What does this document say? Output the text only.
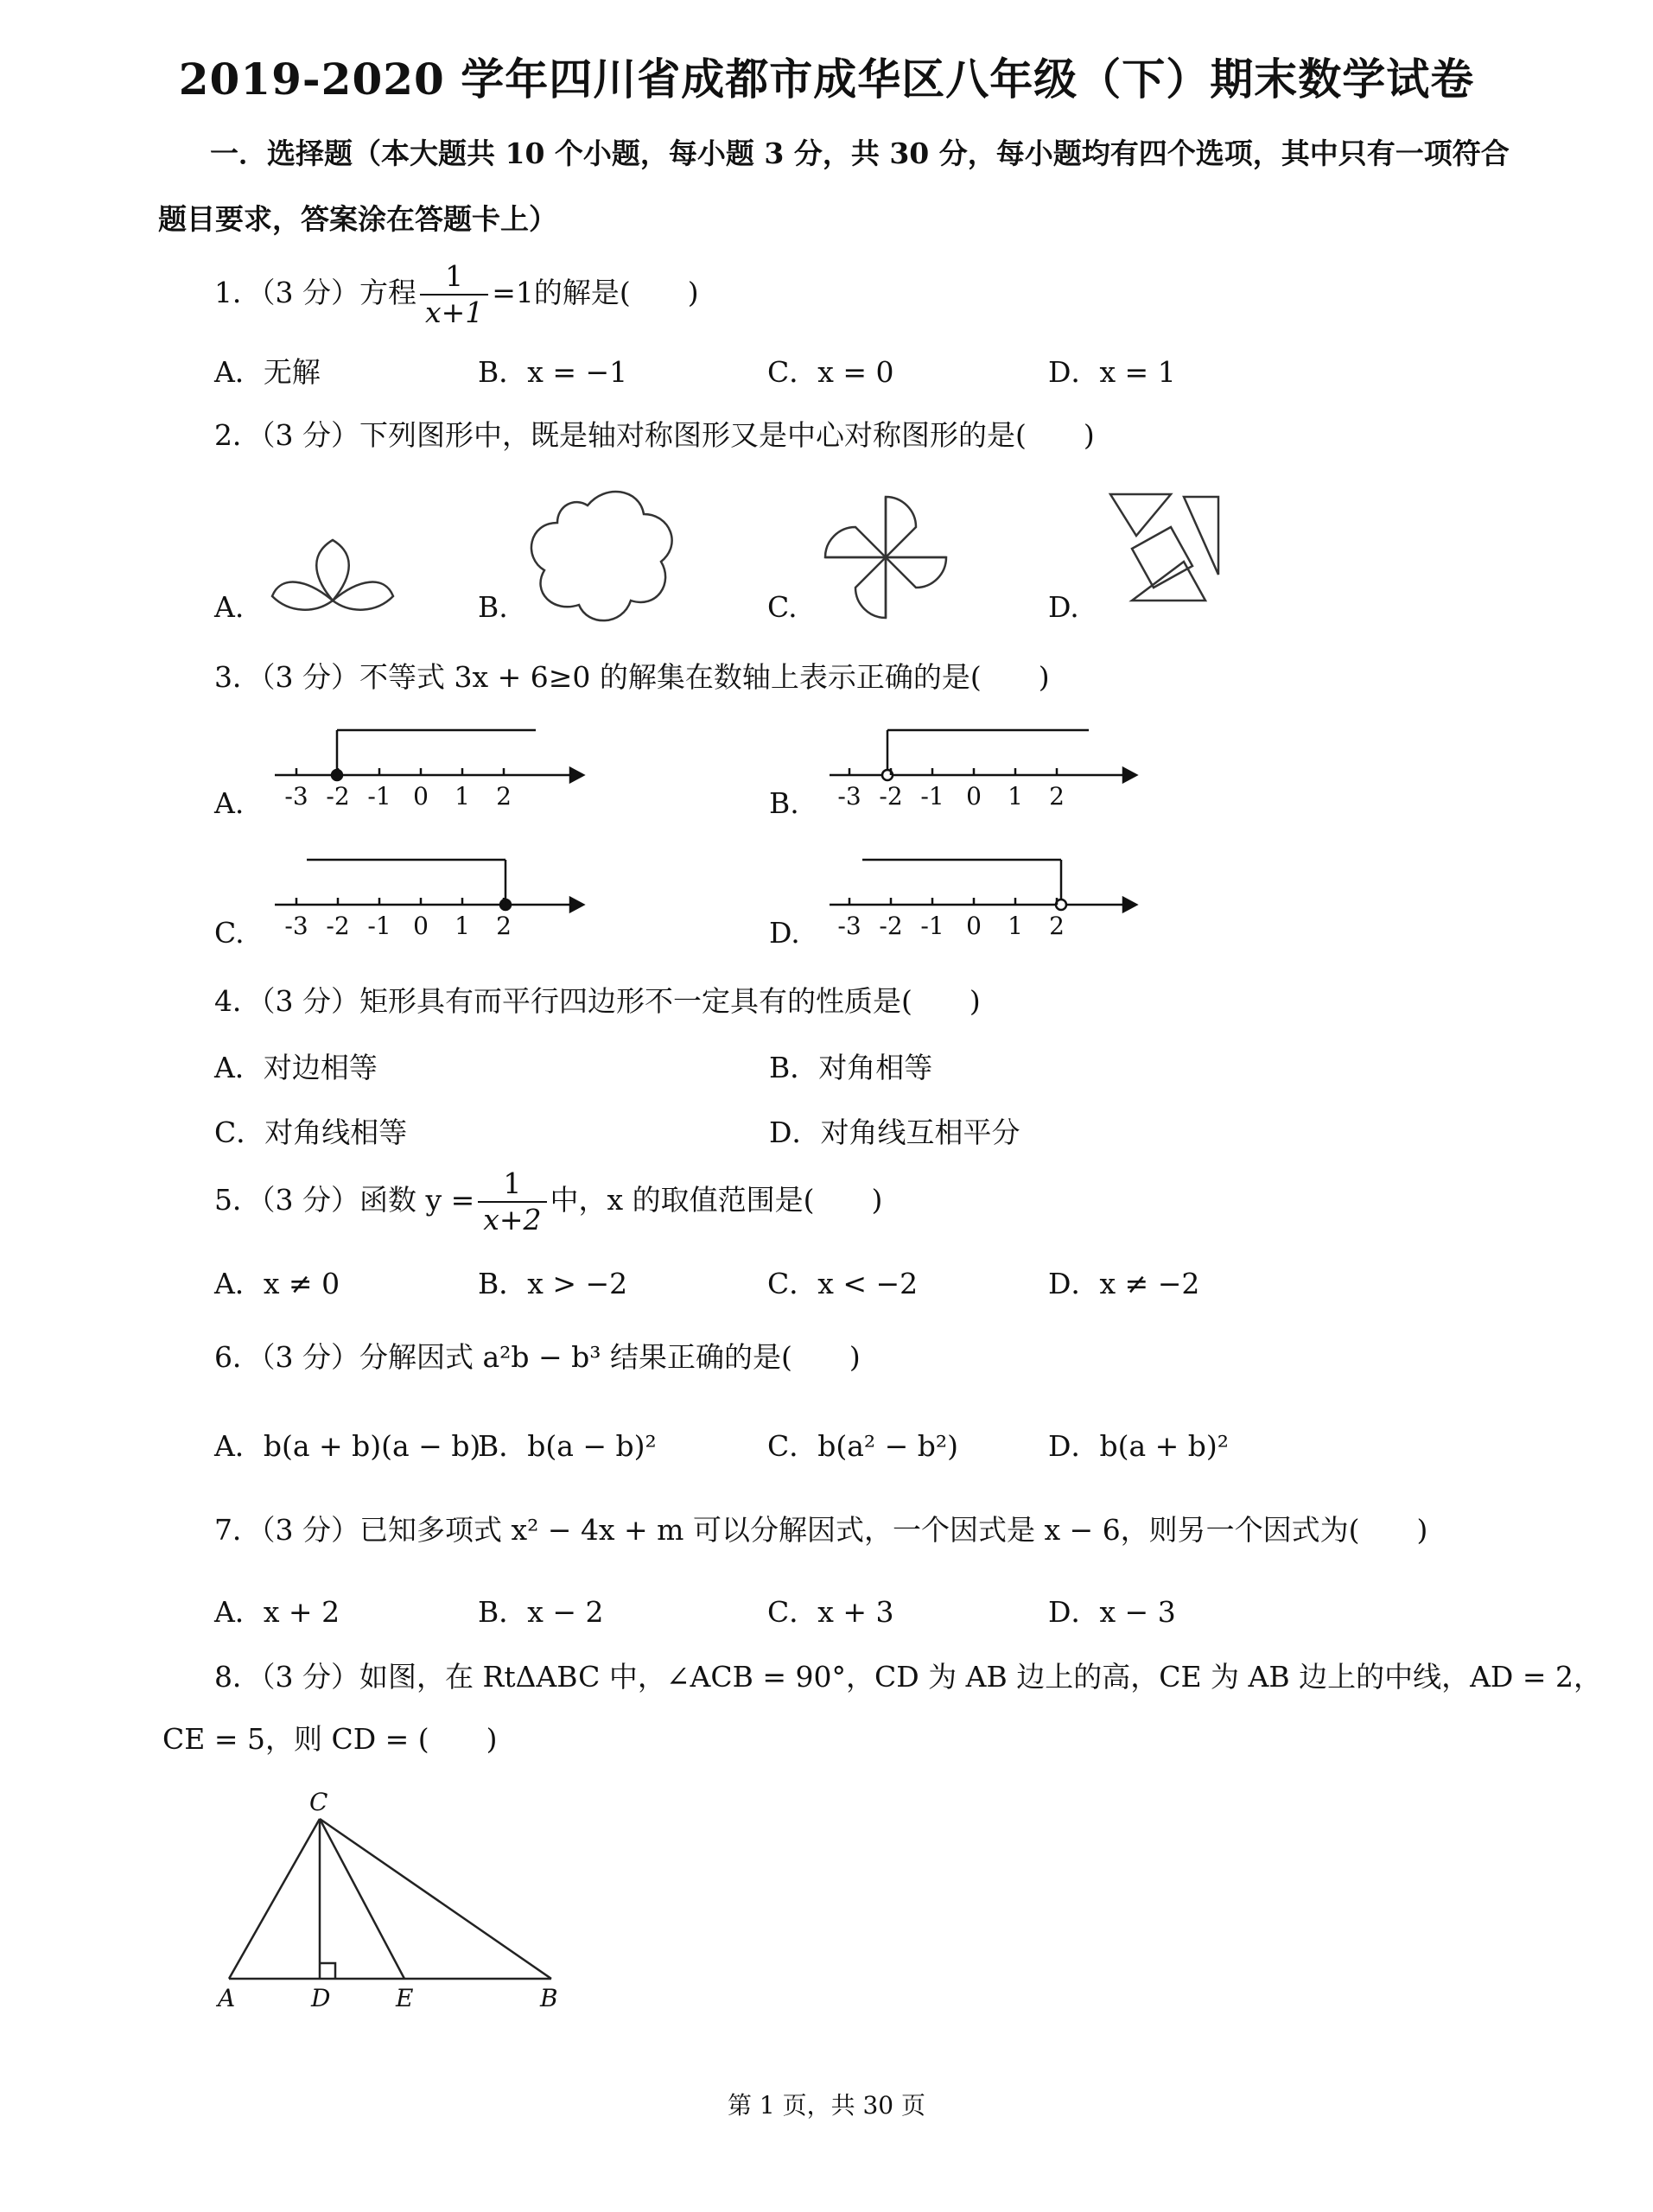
2019-2020 学年四川省成都市成华区八年级（下）期末数学试卷
一．选择题（本大题共 10 个小题，每小题 3 分，共 30 分，每小题均有四个选项，其中只有一项符合
题目要求，答案涂在答题卡上）
1．（3 分）方程 $\frac{1}{x+1} =1$的解是(　　)
A．无解	B．x = −1	C．x = 0	D．x = 1
2．（3 分）下列图形中，既是轴对称图形又是中心对称图形的是(　　)
A.	B.	C.	D.
3．（3 分）不等式 3x + 6≥0 的解集在数轴上表示正确的是(　　)
A.	B.
C.	D.
-3 -2 -1 0 1 2	-3 -2 -1 0 1 2
-3 -2 -1 0 1 2	-3 -2 -1 0 1 2
4．（3 分）矩形具有而平行四边形不一定具有的性质是(　　)
A．对边相等	B．对角相等
C．对角线相等	D．对角线互相平分
5．（3 分）函数 $y = \frac{1}{x+2}$ 中，x 的取值范围是(　　)
A．x ≠ 0	B．x > −2	C．x < −2	D．x ≠ −2
6．（3 分）分解因式 a²b − b³ 结果正确的是(　　)
A．b(a + b)(a − b)
B．b(a − b)²	C．b(a² − b²)	D．b(a + b)²
7．（3 分）已知多项式 x² − 4x + m 可以分解因式，一个因式是 x − 6，则另一个因式为(　　)
A．x + 2	B．x − 2	C．x + 3	D．x − 3
8．（3 分）如图，在 RtΔABC 中，∠ACB = 90°，CD 为 AB 边上的高，CE 为 AB 边上的中线，AD = 2，
CE = 5，则 CD = (　　)
C
A	D	E	B
第 1 页，共 30 页
